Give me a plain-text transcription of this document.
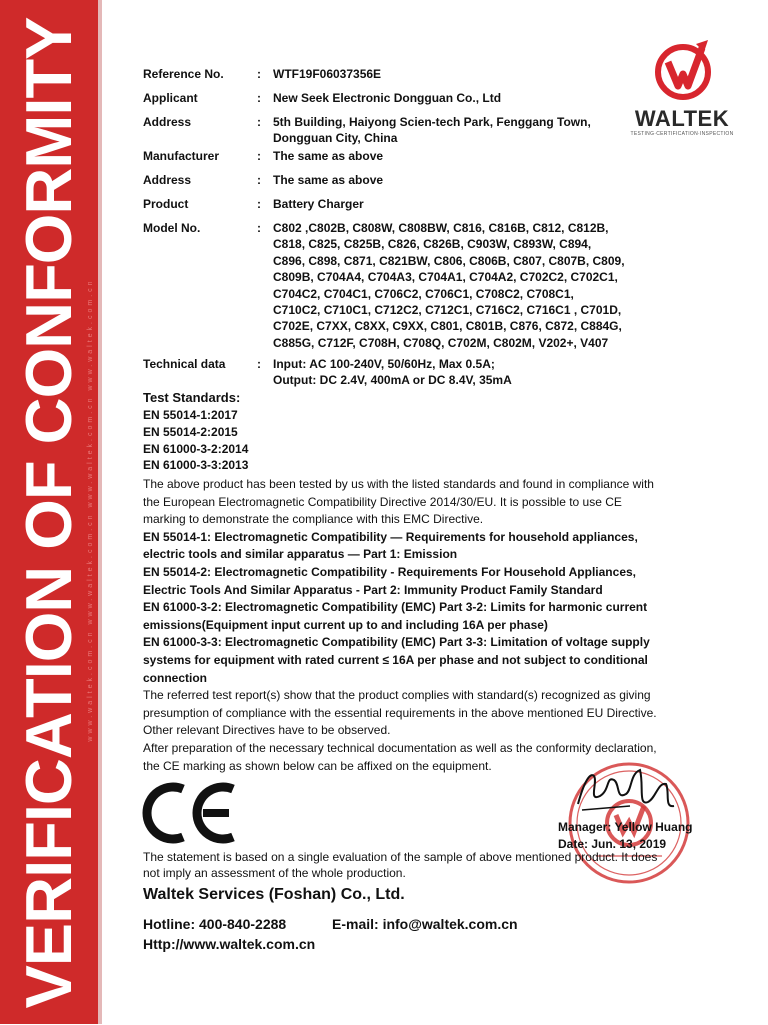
www.waltek.com.cn www.waltek.com.cn www.waltek.com.cn www.waltek.com.cn
VERIFICATION OF CONFORMITY	WALTEK
TESTING·CERTIFICATION·INSPECTION
Reference No.	: WTF19F06037356E
Applicant	: New Seek Electronic Dongguan Co., Ltd
Address	: 5th Building, Haiyong Scien-tech Park, Fenggang Town,
Dongguan City, China
Manufacturer	: The same as above
Address	: The same as above
Product	: Battery Charger
Model No.	: C802 ,C802B, C808W, C808BW, C816, C816B, C812, C812B,
C818, C825, C825B, C826, C826B, C903W, C893W, C894,
C896, C898, C871, C821BW, C806, C806B, C807, C807B, C809,
C809B, C704A4, C704A3, C704A1, C704A2, C702C2, C702C1,
C704C2, C704C1, C706C2, C706C1, C708C2, C708C1,
C710C2, C710C1, C712C2, C712C1, C716C2, C716C1 , C701D,
C702E, C7XX, C8XX, C9XX, C801, C801B, C876, C872, C884G,
C885G, C712F, C708H, C708Q, C702M, C802M, V202+, V407
Technical data	: Input: AC 100-240V, 50/60Hz, Max 0.5A;
Output: DC 2.4V, 400mA or DC 8.4V, 35mA
Test Standards:
EN 55014-1:2017
EN 55014-2:2015
EN 61000-3-2:2014
EN 61000-3-3:2013
The above product has been tested by us with the listed standards and found in compliance with
the European Electromagnetic Compatibility Directive 2014/30/EU. It is possible to use CE
marking to demonstrate the compliance with this EMC Directive.
EN 55014-1: Electromagnetic Compatibility — Requirements for household appliances,
electric tools and similar apparatus — Part 1: Emission
EN 55014-2: Electromagnetic Compatibility - Requirements For Household Appliances,
Electric Tools And Similar Apparatus - Part 2: Immunity Product Family Standard
EN 61000-3-2: Electromagnetic Compatibility (EMC) Part 3-2: Limits for harmonic current
emissions(Equipment input current up to and including 16A per phase)
EN 61000-3-3: Electromagnetic Compatibility (EMC) Part 3-3: Limitation of voltage supply
systems for equipment with rated current ≤ 16A per phase and not subject to conditional
connection
The referred test report(s) show that the product complies with standard(s) recognized as giving
presumption of compliance with the essential requirements in the above mentioned EU Directive.
Other relevant Directives have to be observed.
After preparation of the necessary technical documentation as well as the conformity declaration,
the CE marking as shown below can be affixed on the equipment.
Manager: Yellow Huang
Date: Jun. 13, 2019
The statement is based on a single evaluation of the sample of above mentioned product. It does
not imply an assessment of the whole production.
Waltek Services (Foshan) Co., Ltd.
Hotline: 400-840-2288	E-mail: info@waltek.com.cn
Http://www.waltek.com.cn
